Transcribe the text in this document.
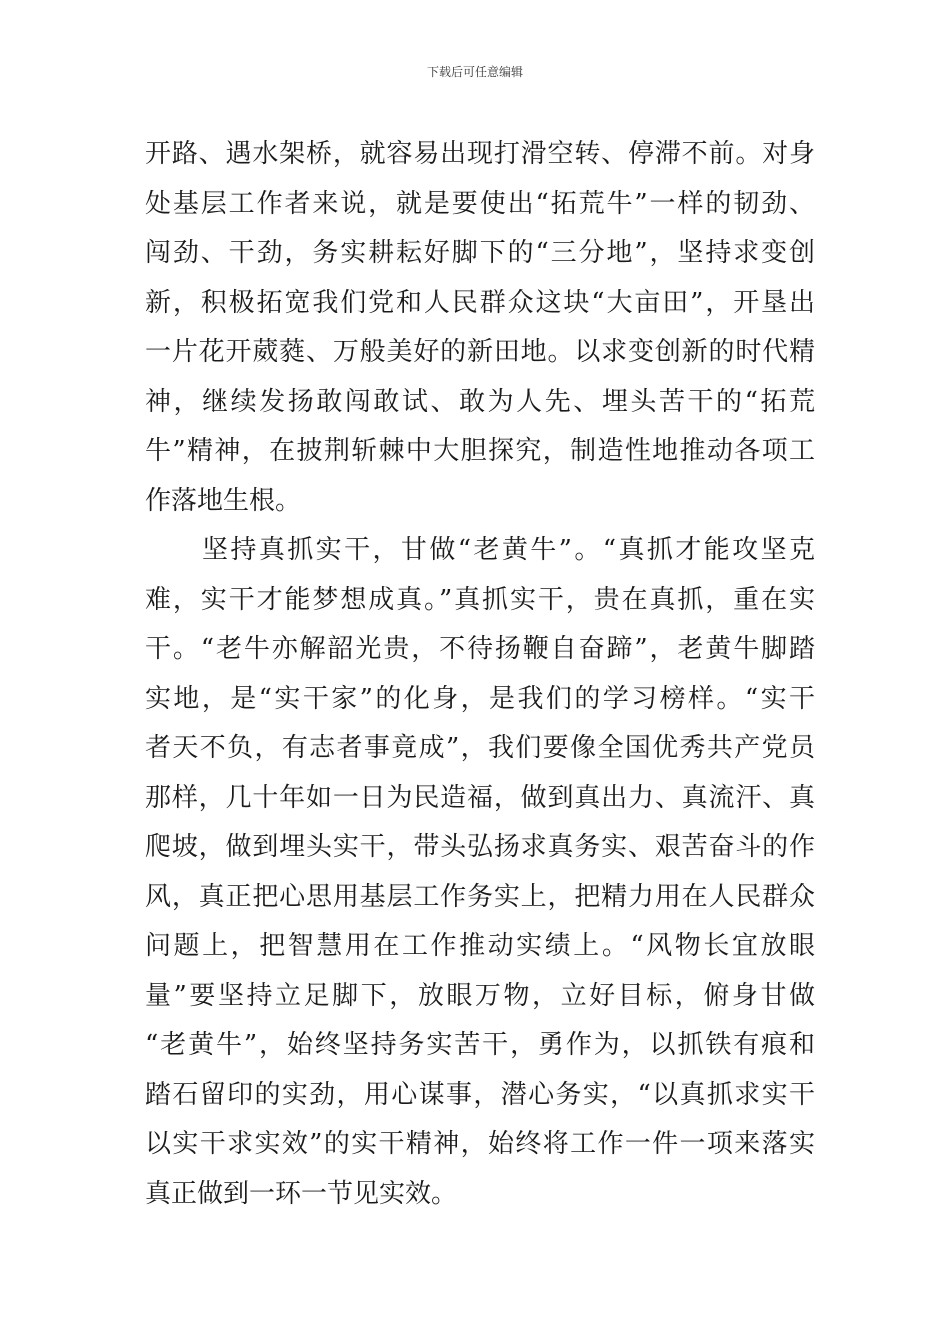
下载后可任意编辑
开路、遇水架桥，就容易出现打滑空转、停滞不前。对身
处基层工作者来说，就是要使出“拓荒牛”一样的韧劲、
闯劲、干劲，务实耕耘好脚下的“三分地”，坚持求变创
新，积极拓宽我们党和人民群众这块“大亩田”，开垦出
一片花开葳蕤、万般美好的新田地。以求变创新的时代精
神，继续发扬敢闯敢试、敢为人先、埋头苦干的“拓荒
牛”精神，在披荆斩棘中大胆探究，制造性地推动各项工
作落地生根。
坚持真抓实干，甘做“老黄牛”。“真抓才能攻坚克
难，实干才能梦想成真。”真抓实干，贵在真抓，重在实
干。“老牛亦解韶光贵，不待扬鞭自奋蹄”，老黄牛脚踏
实地，是“实干家”的化身，是我们的学习榜样。“实干
者天不负，有志者事竟成”，我们要像全国优秀共产党员
那样，几十年如一日为民造福，做到真出力、真流汗、真
爬坡，做到埋头实干，带头弘扬求真务实、艰苦奋斗的作
风，真正把心思用基层工作务实上，把精力用在人民群众
问题上，把智慧用在工作推动实绩上。“风物长宜放眼
量”要坚持立足脚下，放眼万物，立好目标，俯身甘做
“老黄牛”，始终坚持务实苦干，勇作为，以抓铁有痕和
踏石留印的实劲，用心谋事，潜心务实，“以真抓求实干
以实干求实效”的实干精神，始终将工作一件一项来落实
真正做到一环一节见实效。
